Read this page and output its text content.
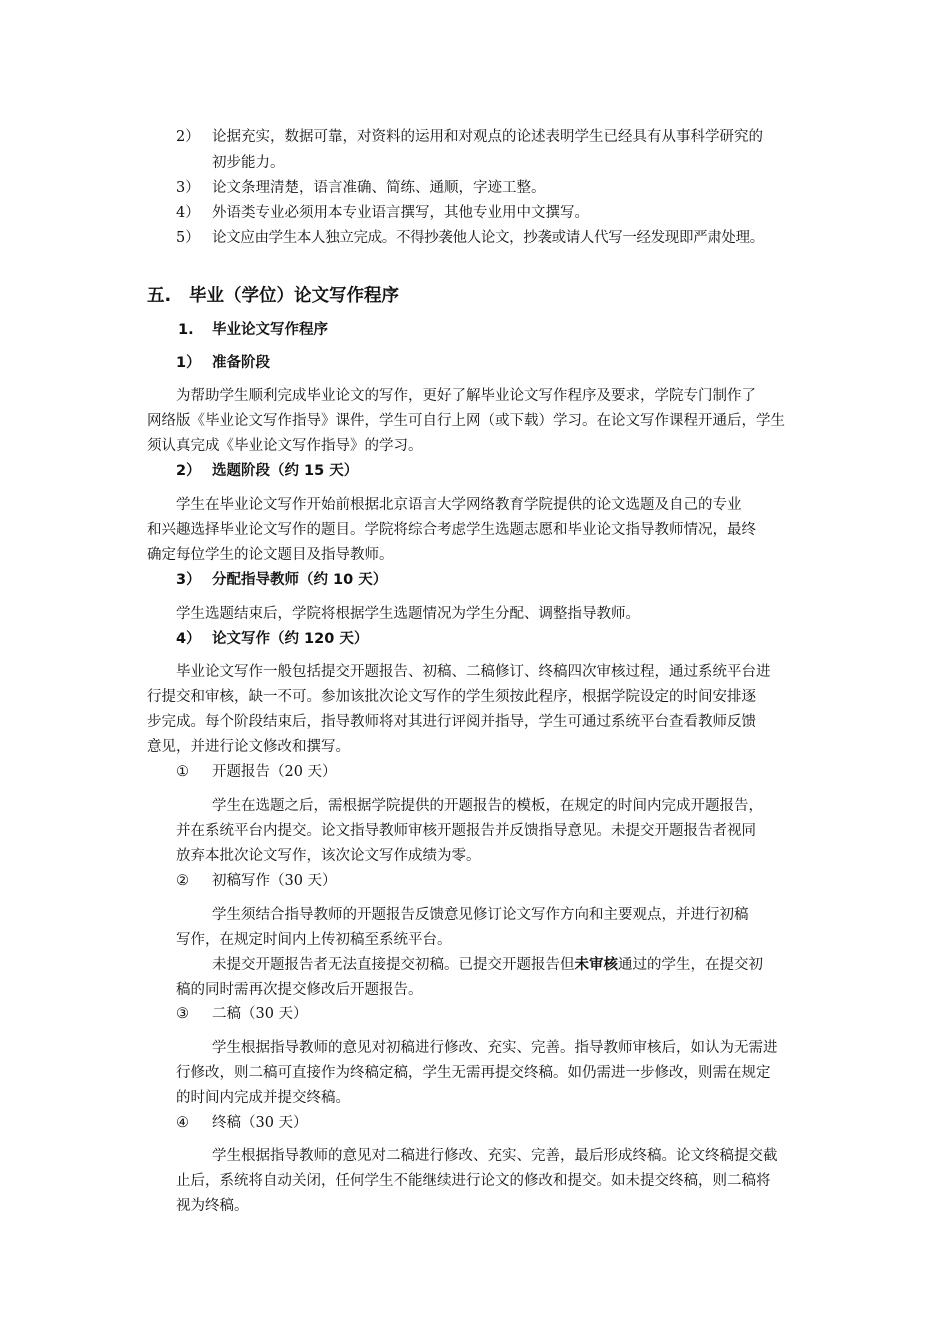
2） 论据充实，数据可靠，对资料的运用和对观点的论述表明学生已经具有从事科学研究的
初步能力。
3） 论文条理清楚，语言准确、简练、通顺，字迹工整。
4） 外语类专业必须用本专业语言撰写，其他专业用中文撰写。
5） 论文应由学生本人独立完成。不得抄袭他人论文，抄袭或请人代写一经发现即严肃处理。
五. 毕业（学位）论文写作程序
1. 毕业论文写作程序
1） 准备阶段
为帮助学生顺利完成毕业论文的写作，更好了解毕业论文写作程序及要求，学院专门制作了
网络版《毕业论文写作指导》课件，学生可自行上网（或下载）学习。在论文写作课程开通后，学生
须认真完成《毕业论文写作指导》的学习。
2） 选题阶段（约 15 天）
学生在毕业论文写作开始前根据北京语言大学网络教育学院提供的论文选题及自己的专业
和兴趣选择毕业论文写作的题目。学院将综合考虑学生选题志愿和毕业论文指导教师情况，最终
确定每位学生的论文题目及指导教师。
3） 分配指导教师（约 10 天）
学生选题结束后，学院将根据学生选题情况为学生分配、调整指导教师。
4） 论文写作（约 120 天）
毕业论文写作一般包括提交开题报告、初稿、二稿修订、终稿四次审核过程，通过系统平台进
行提交和审核，缺一不可。参加该批次论文写作的学生须按此程序，根据学院设定的时间安排逐
步完成。每个阶段结束后，指导教师将对其进行评阅并指导，学生可通过系统平台查看教师反馈
意见，并进行论文修改和撰写。
① 开题报告（20 天）
学生在选题之后，需根据学院提供的开题报告的模板，在规定的时间内完成开题报告，
并在系统平台内提交。论文指导教师审核开题报告并反馈指导意见。未提交开题报告者视同
放弃本批次论文写作，该次论文写作成绩为零。
② 初稿写作（30 天）
学生须结合指导教师的开题报告反馈意见修订论文写作方向和主要观点，并进行初稿
写作，在规定时间内上传初稿至系统平台。
未提交开题报告者无法直接提交初稿。已提交开题报告但未审核通过的学生，在提交初
稿的同时需再次提交修改后开题报告。
③ 二稿（30 天）
学生根据指导教师的意见对初稿进行修改、充实、完善。指导教师审核后，如认为无需进
行修改，则二稿可直接作为终稿定稿，学生无需再提交终稿。如仍需进一步修改，则需在规定
的时间内完成并提交终稿。
④ 终稿（30 天）
学生根据指导教师的意见对二稿进行修改、充实、完善，最后形成终稿。论文终稿提交截
止后，系统将自动关闭，任何学生不能继续进行论文的修改和提交。如未提交终稿，则二稿将
视为终稿。
